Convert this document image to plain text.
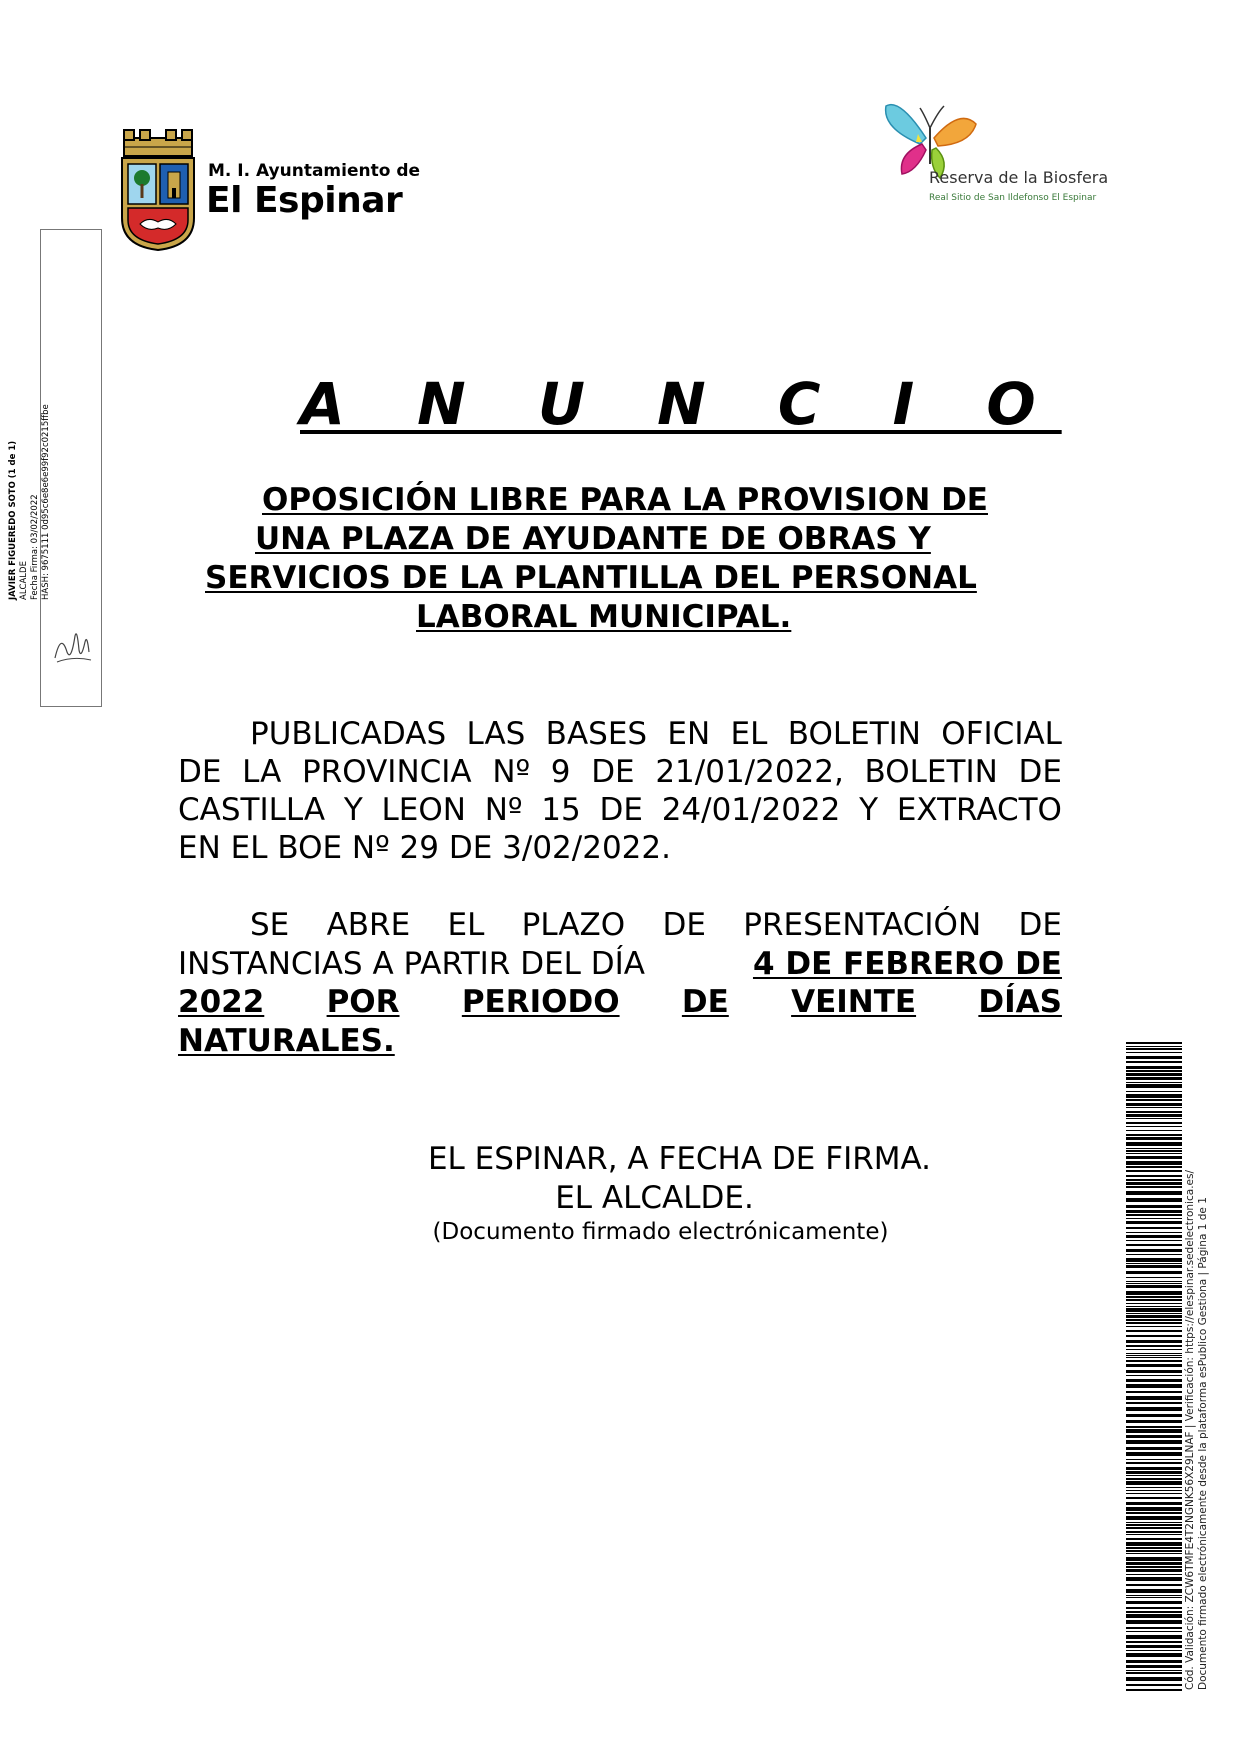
M. I. Ayuntamiento de
El Espinar
Reserva de la Biosfera
Real Sitio de San Ildefonso El Espinar
JAVIER FIGUEREDO SOTO (1 de 1) ALCALDE Fecha Firma: 03/02/2022 HASH: 9675111 0d95c6e8e6e99f92c0215ffbe
A N U N C I O
OPOSICIÓN LIBRE PARA LA PROVISION DE
UNA PLAZA DE AYUDANTE DE OBRAS Y
SERVICIOS DE LA PLANTILLA DEL PERSONAL
LABORAL MUNICIPAL.
PUBLICADAS LAS BASES EN EL BOLETIN OFICIAL
DE LA PROVINCIA Nº 9 DE 21/01/2022, BOLETIN DE
CASTILLA Y LEON Nº 15 DE 24/01/2022 Y EXTRACTO
EN EL BOE Nº 29 DE 3/02/2022.
SE ABRE EL PLAZO DE PRESENTACIÓN DE
INSTANCIAS A PARTIR DEL DÍA	4 DE FEBRERO DE
2022 POR PERIODO DE VEINTE DÍAS
NATURALES.
EL ESPINAR, A FECHA DE FIRMA.
EL ALCALDE.
(Documento firmado electrónicamente)	Cód. Validación: ZCW6TMFE4T2NGNK56X29LNAF | Verificación: https://elespinar.sedelectronica.es/ Documento firmado electrónicamente desde la plataforma esPublico Gestiona | Página 1 de 1
